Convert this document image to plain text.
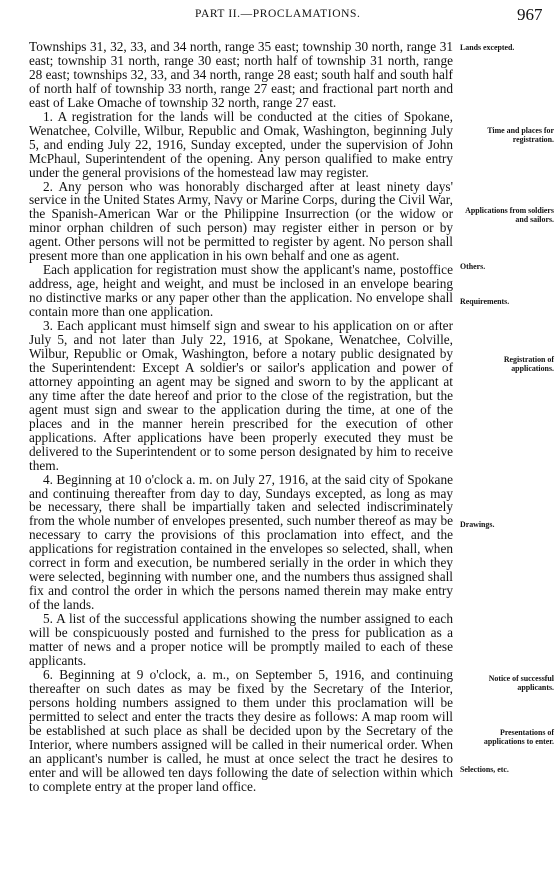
PART II.—PROCLAMATIONS.	967

Townships 31, 32, 33, and 34 north, range 35 east; township 30 north, range 31 east; township 31 north, range 30 east; north half of township 31 north, range 28 east; townships 32, 33, and 34 north, range 28 east; south half and south half of north half of township 33 north, range 27 east; and fractional part north and east of Lake Omache of township 32 north, range 27 east.

1. A registration for the lands will be conducted at the cities of Spokane, Wenatchee, Colville, Wilbur, Republic and Omak, Washington, beginning July 5, and ending July 22, 1916, Sunday excepted, under the supervision of John McPhaul, Superintendent of the opening. Any person qualified to make entry under the general provisions of the homestead law may register.

2. Any person who was honorably discharged after at least ninety days' service in the United States Army, Navy or Marine Corps, during the Civil War, the Spanish-American War or the Philippine Insurrection (or the widow or minor orphan children of such person) may register either in person or by agent. Other persons will not be permitted to register by agent. No person shall present more than one application in his own behalf and one as agent.

Each application for registration must show the applicant's name, postoffice address, age, height and weight, and must be inclosed in an envelope bearing no distinctive marks or any paper other than the application. No envelope shall contain more than one application.

3. Each applicant must himself sign and swear to his application on or after July 5, and not later than July 22, 1916, at Spokane, Wenatchee, Colville, Wilbur, Republic or Omak, Washington, before a notary public designated by the Superintendent: Except A soldier's or sailor's application and power of attorney appointing an agent may be signed and sworn to by the applicant at any time after the date hereof and prior to the close of the registration, but the agent must sign and swear to the application during the time, at one of the places and in the manner herein prescribed for the execution of other applications. After applications have been properly executed they must be delivered to the Superintendent or to some person designated by him to receive them.

4. Beginning at 10 o'clock a. m. on July 27, 1916, at the said city of Spokane and continuing thereafter from day to day, Sundays excepted, as long as may be necessary, there shall be impartially taken and selected indiscriminately from the whole number of envelopes presented, such number thereof as may be necessary to carry the provisions of this proclamation into effect, and the applications for registration contained in the envelopes so selected, shall, when correct in form and execution, be numbered serially in the order in which they were selected, beginning with number one, and the numbers thus assigned shall fix and control the order in which the persons named therein may make entry of the lands.

5. A list of the successful applications showing the number assigned to each will be conspicuously posted and furnished to the press for publication as a matter of news and a proper notice will be promptly mailed to each of these applicants.

6. Beginning at 9 o'clock, a. m., on September 5, 1916, and continuing thereafter on such dates as may be fixed by the Secretary of the Interior, persons holding numbers assigned to them under this proclamation will be permitted to select and enter the tracts they desire as follows: A map room will be established at such place as shall be decided upon by the Secretary of the Interior, where numbers assigned will be called in their numerical order. When an applicant's number is called, he must at once select the tract he desires to enter and will be allowed ten days following the date of selection within which to complete entry at the proper land office.

Lands excepted.
Time and places for registration.
Applications from soldiers and sailors.
Others.
Requirements.
Registration of applications.
Drawings.
Notice of successful applicants.
Presentations of applications to enter.
Selections, etc.
